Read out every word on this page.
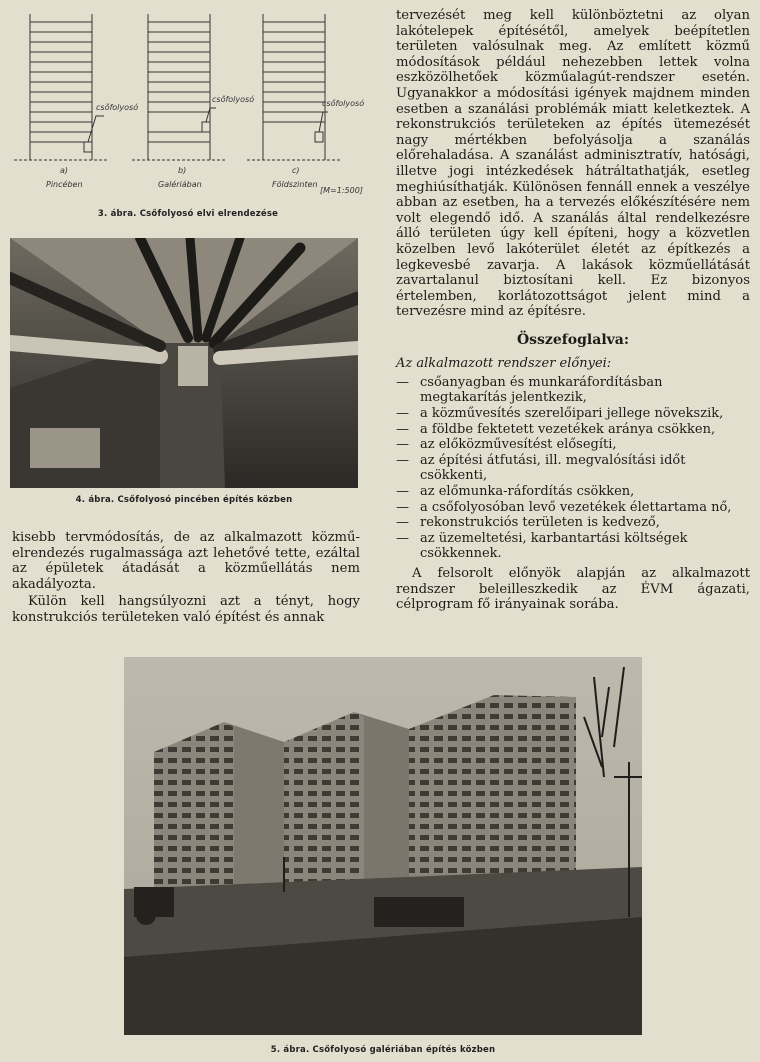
csőfolyosó
csőfolyosó	csőfolyosó
a)	b)	c)
Pincében	Galériában	Földszinten
[M=1:500]
3. ábra. Csőfolyosó elvi elrendezése
4. ábra. Csőfolyosó pincében építés közben

kisebb tervmódosítás, de az alkalmazott közmű-elrendezés rugalmassága azt lehetővé tette, ezáltal az épületek átadását a közműellátás nem akadályozta.

Külön kell hangsúlyozni azt a tényt, hogy konstrukciós területeken való építést és annak

tervezését meg kell különböztetni az olyan lakótelepek építésétől, amelyek beépítetlen területen valósulnak meg. Az említett közmű módosítások például nehezebben lettek volna eszközölhetőek közműalagút-rendszer esetén. Ugyanakkor a módosítási igények majdnem minden esetben a szanálási problémák miatt keletkeztek. A rekonstrukciós területeken az építés ütemezését nagy mértékben befolyásolja a szanálás előrehaladása. A szanálást adminisztratív, hatósági, illetve jogi intézkedések hátráltathatják, esetleg meghiúsíthatják. Különösen fennáll ennek a veszélye abban az esetben, ha a tervezés előkészítésére nem volt elegendő idő. A szanálás által rendelkezésre álló területen úgy kell építeni, hogy a közvetlen közelben levő lakóterület életét az építkezés a legkevesbé zavarja. A lakások közműellátását zavartalanul biztosítani kell. Ez bizonyos értelemben, korlátozottságot jelent mind a tervezésre mind az építésre.

Összefoglalva:

Az alkalmazott rendszer előnyei:

— csőanyagban és munkaráfordításban megtakarítás jelentkezik,
— a közművesítés szerelőipari jellege növekszik,
— a földbe fektetett vezetékek aránya csökken,
— az előközművesítést elősegíti,
— az építési átfutási, ill. megvalósítási időt csökkenti,
— az előmunka-ráfordítás csökken,
— a csőfolyosóban levő vezetékek élettartama nő,
— rekonstrukciós területen is kedvező,
— az üzemeltetési, karbantartási költségek csökkennek.

A felsorolt előnyök alapján az alkalmazott rendszer beleilleszkedik az ÉVM ágazati, célprogram fő irányainak sorába.

5. ábra. Csőfolyosó galériában építés közben
